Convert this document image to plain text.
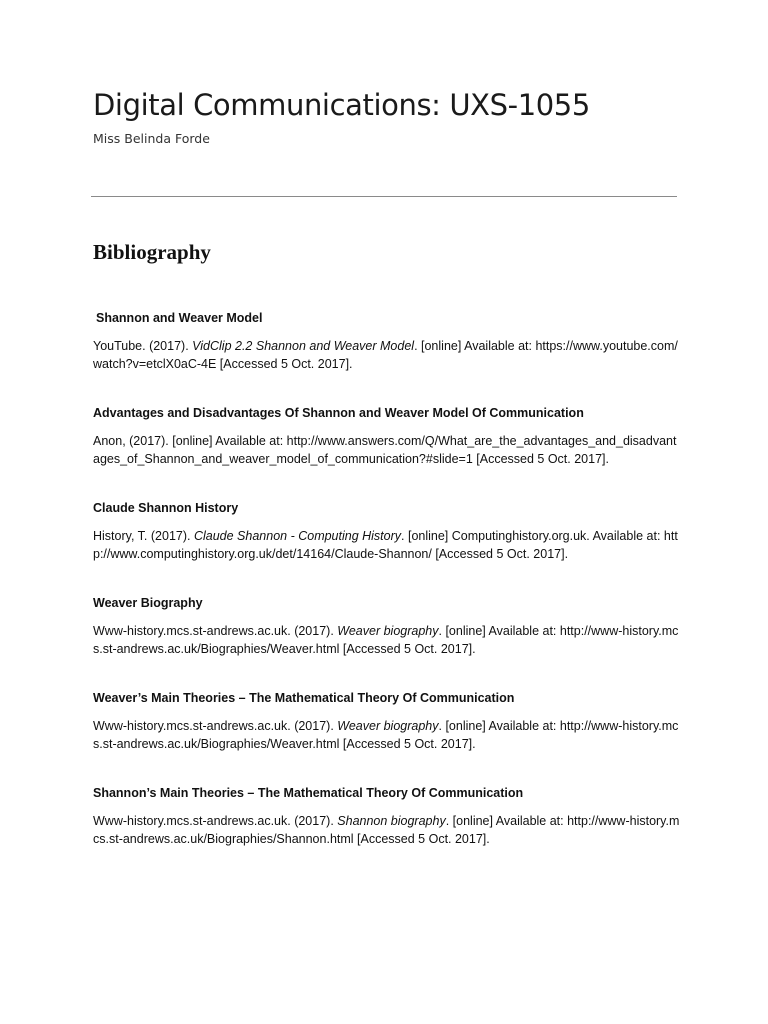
Digital Communications: UXS-1055
Miss Belinda Forde
Bibliography
Shannon and Weaver Model

YouTube. (2017). VidClip 2.2 Shannon and Weaver Model. [online] Available at: https://www.youtube.com/watch?v=etclX0aC-4E [Accessed 5 Oct. 2017].

Advantages and Disadvantages Of Shannon and Weaver Model Of Communication

Anon, (2017). [online] Available at: http://www.answers.com/Q/What_are_the_advantages_and_disadvantages_of_Shannon_and_weaver_model_of_communication?#slide=1 [Accessed 5 Oct. 2017].

Claude Shannon History

History, T. (2017). Claude Shannon - Computing History. [online] Computinghistory.org.uk. Available at: http://www.computinghistory.org.uk/det/14164/Claude-Shannon/ [Accessed 5 Oct. 2017].

Weaver Biography

Www-history.mcs.st-andrews.ac.uk. (2017). Weaver biography. [online] Available at: http://www-history.mcs.st-andrews.ac.uk/Biographies/Weaver.html [Accessed 5 Oct. 2017].

Weaver’s Main Theories – The Mathematical Theory Of Communication

Www-history.mcs.st-andrews.ac.uk. (2017). Weaver biography. [online] Available at: http://www-history.mcs.st-andrews.ac.uk/Biographies/Weaver.html [Accessed 5 Oct. 2017].

Shannon’s Main Theories – The Mathematical Theory Of Communication

Www-history.mcs.st-andrews.ac.uk. (2017). Shannon biography. [online] Available at: http://www-history.mcs.st-andrews.ac.uk/Biographies/Shannon.html [Accessed 5 Oct. 2017].
